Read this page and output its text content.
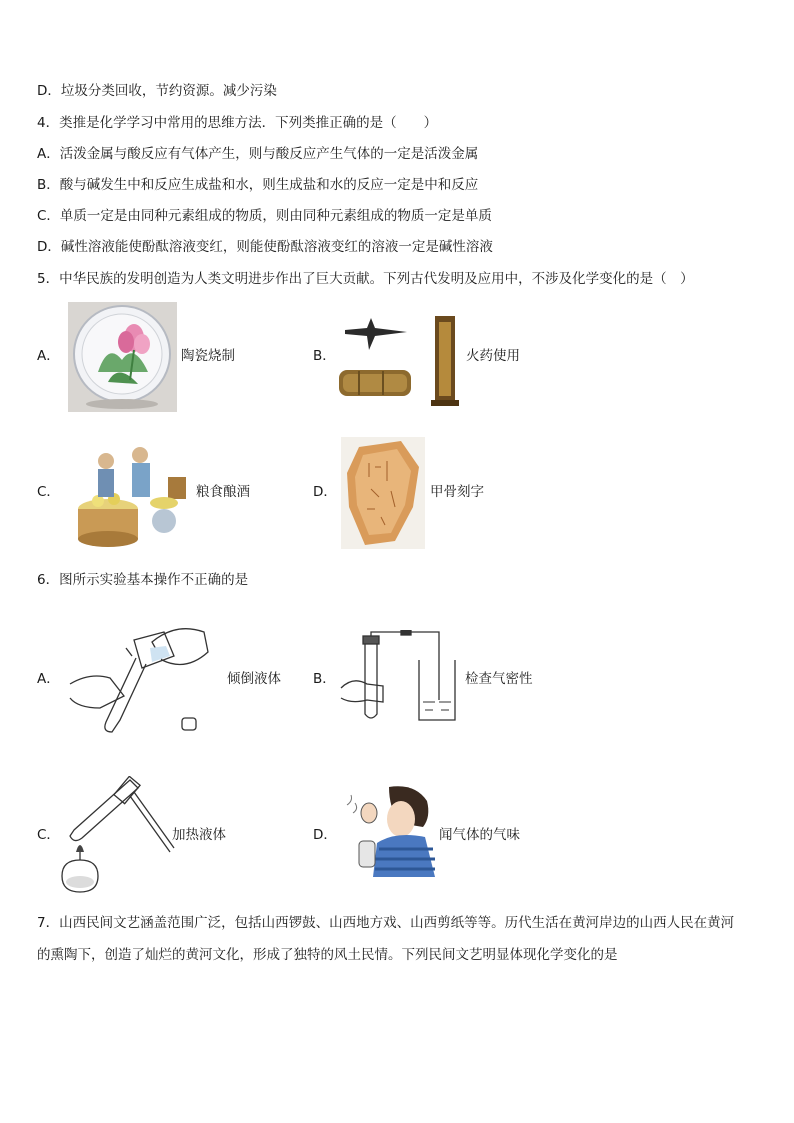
D．垃圾分类回收，节约资源。减少污染
4．类推是化学学习中常用的思维方法．下列类推正确的是（　　）
A．活泼金属与酸反应有气体产生，则与酸反应产生气体的一定是活泼金属
B．酸与碱发生中和反应生成盐和水，则生成盐和水的反应一定是中和反应
C．单质一定是由同种元素组成的物质，则由同种元素组成的物质一定是单质
D．碱性溶液能使酚酞溶液变红，则能使酚酞溶液变红的溶液一定是碱性溶液
5．中华民族的发明创造为人类文明进步作出了巨大贡献。下列古代发明及应用中，不涉及化学变化的是（　）
A．	陶瓷烧制	B．	火药使用
C．	粮食酿酒	D．	甲骨刻字
6．图所示实验基本操作不正确的是
A．	倾倒液体 B．	检查气密性
C．	加热液体	D．	闻气体的气味
7．山西民间文艺涵盖范围广泛，包括山西锣鼓、山西地方戏、山西剪纸等等。历代生活在黄河岸边的山西人民在黄河
的熏陶下，创造了灿烂的黄河文化，形成了独特的风土民情。下列民间文艺明显体现化学变化的是
